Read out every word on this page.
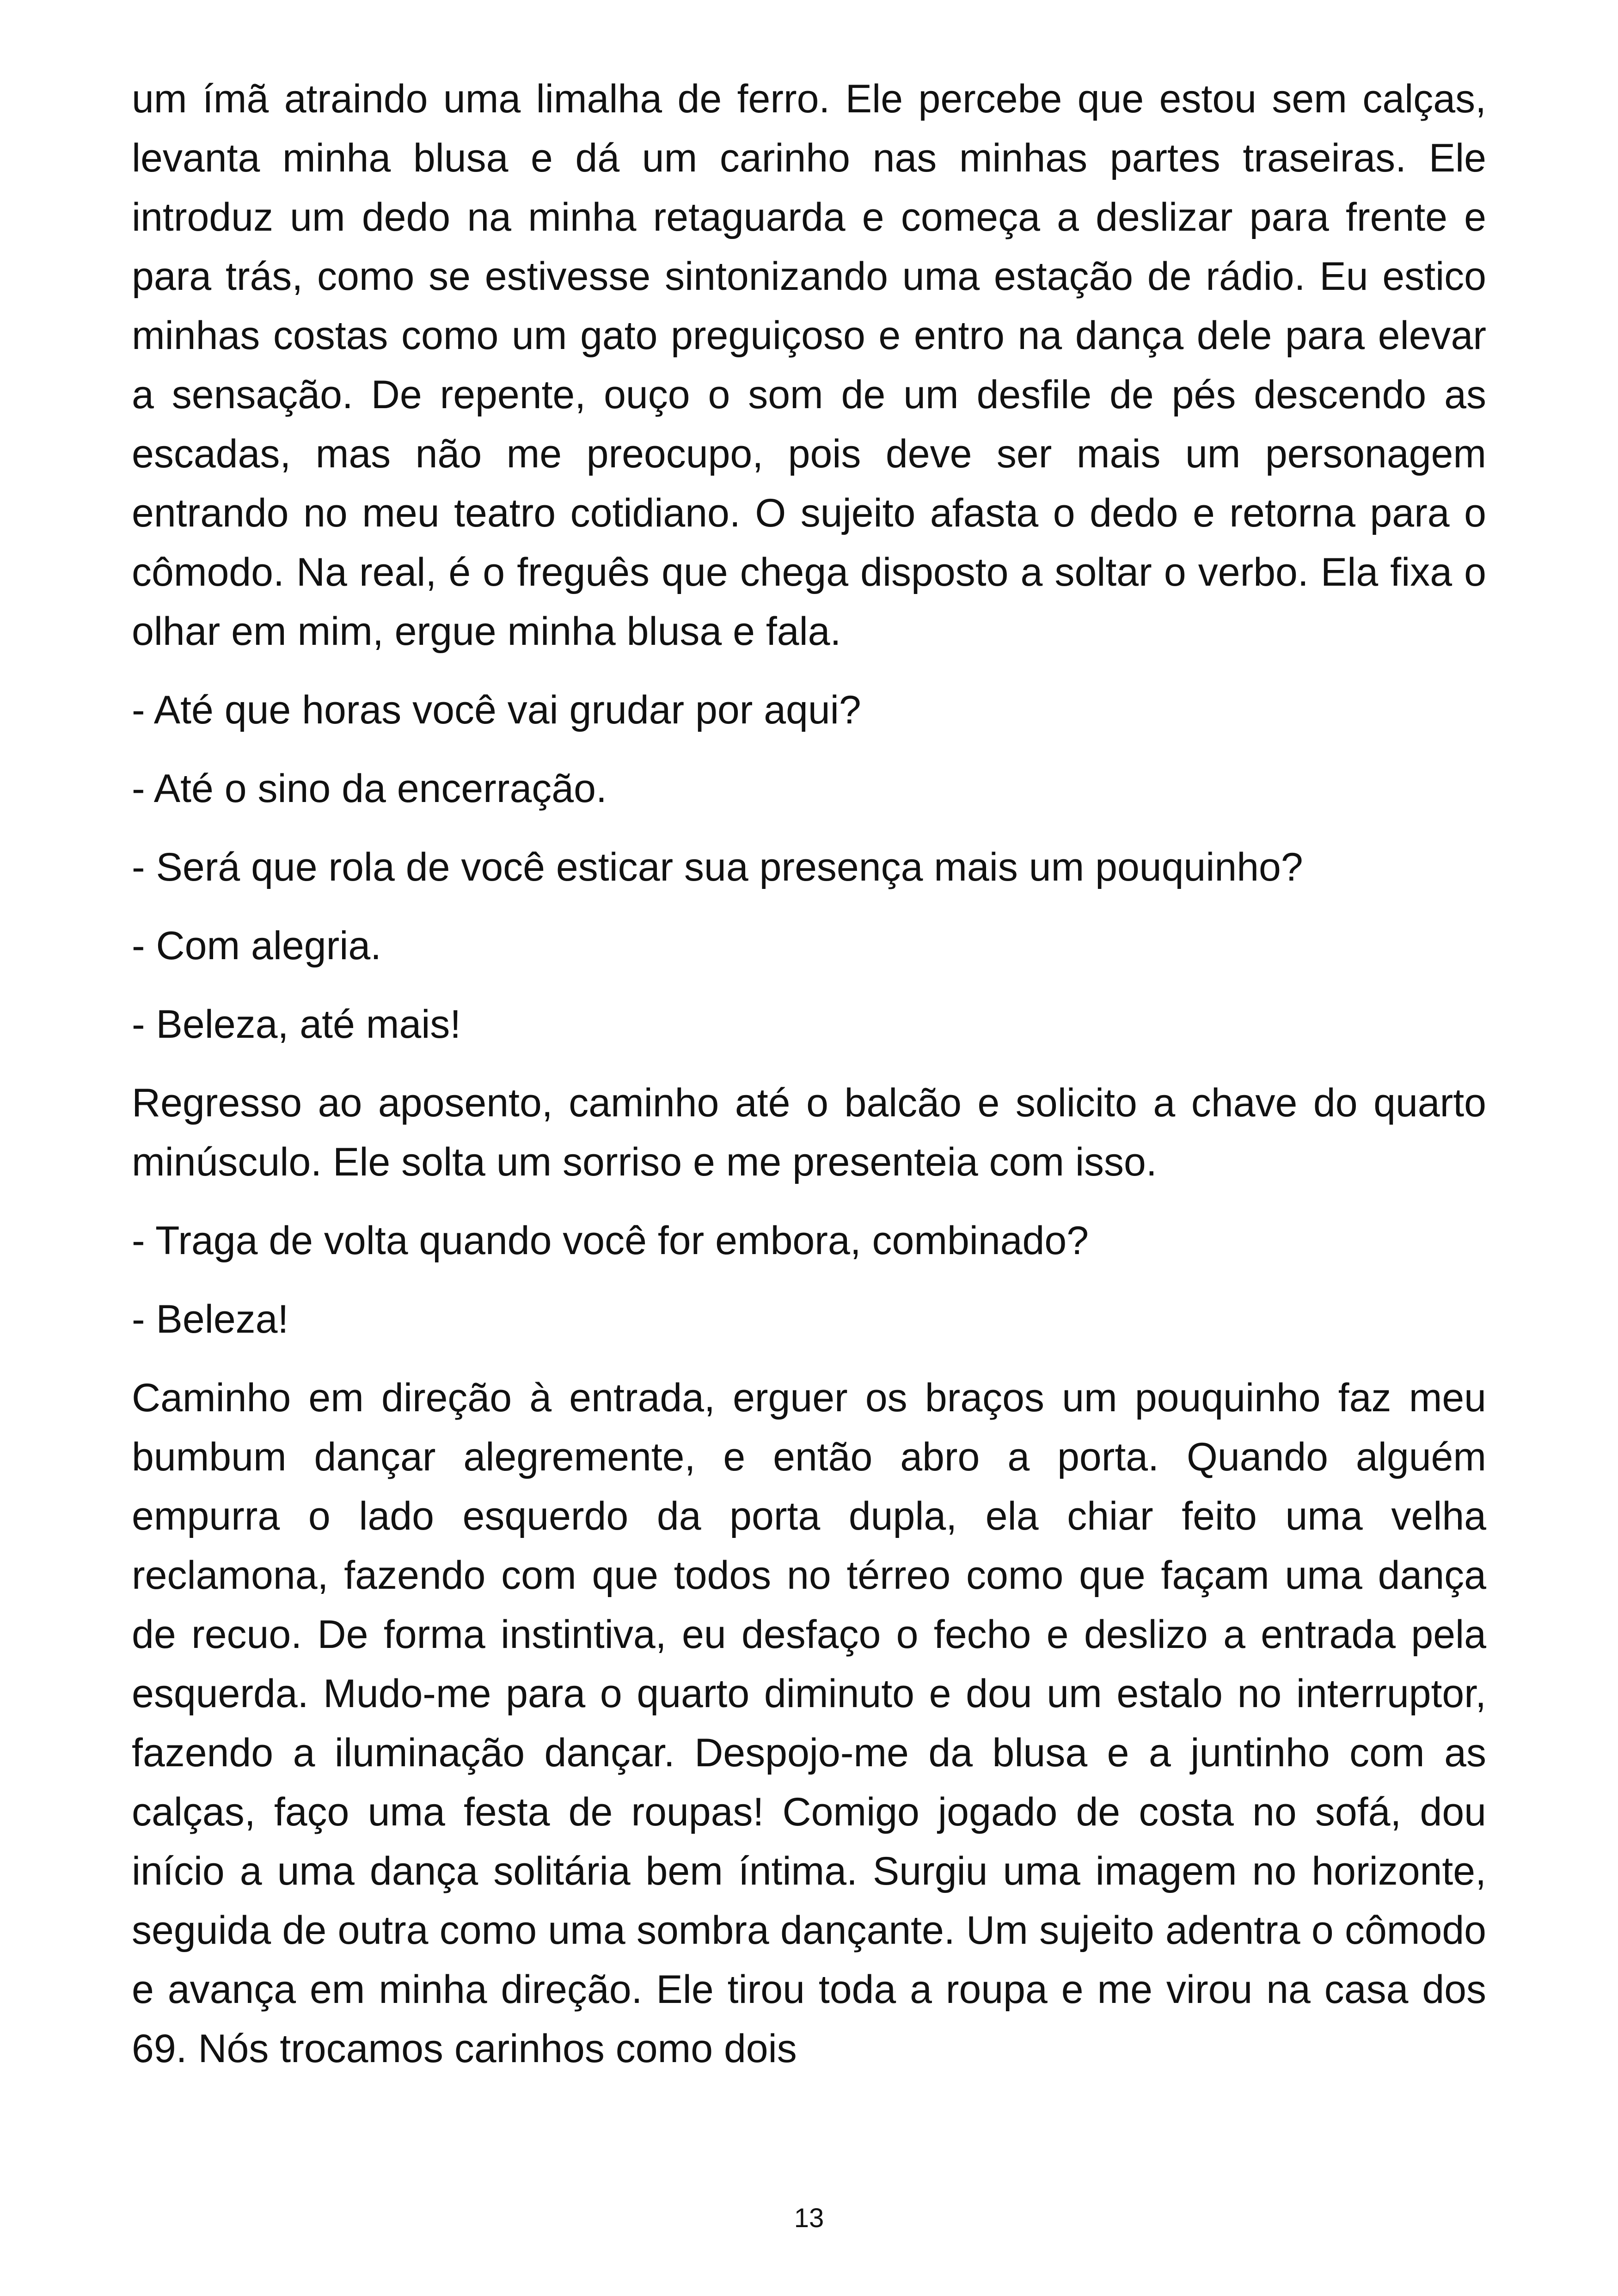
um ímã atraindo uma limalha de ferro. Ele percebe que estou sem calças, levanta minha blusa e dá um carinho nas minhas partes traseiras. Ele introduz um dedo na minha retaguarda e começa a deslizar para frente e para trás, como se estivesse sintonizando uma estação de rádio. Eu estico minhas costas como um gato preguiçoso e entro na dança dele para elevar a sensação. De repente, ouço o som de um desfile de pés descendo as escadas, mas não me preocupo, pois deve ser mais um personagem entrando no meu teatro cotidiano. O sujeito afasta o dedo e retorna para o cômodo. Na real, é o freguês que chega disposto a soltar o verbo. Ela fixa o olhar em mim, ergue minha blusa e fala.

- Até que horas você vai grudar por aqui?

- Até o sino da encerração.

- Será que rola de você esticar sua presença mais um pouquinho?

- Com alegria.

- Beleza, até mais!

Regresso ao aposento, caminho até o balcão e solicito a chave do quarto minúsculo. Ele solta um sorriso e me presenteia com isso.

- Traga de volta quando você for embora, combinado?

- Beleza!

Caminho em direção à entrada, erguer os braços um pouquinho faz meu bumbum dançar alegremente, e então abro a porta. Quando alguém empurra o lado esquerdo da porta dupla, ela chiar feito uma velha reclamona, fazendo com que todos no térreo como que façam uma dança de recuo. De forma instintiva, eu desfaço o fecho e deslizo a entrada pela esquerda. Mudo-me para o quarto diminuto e dou um estalo no interruptor, fazendo a iluminação dançar. Despojo-me da blusa e a juntinho com as calças, faço uma festa de roupas! Comigo jogado de costa no sofá, dou início a uma dança solitária bem íntima. Surgiu uma imagem no horizonte, seguida de outra como uma sombra dançante. Um sujeito adentra o cômodo e avança em minha direção. Ele tirou toda a roupa e me virou na casa dos 69. Nós trocamos carinhos como dois

13
